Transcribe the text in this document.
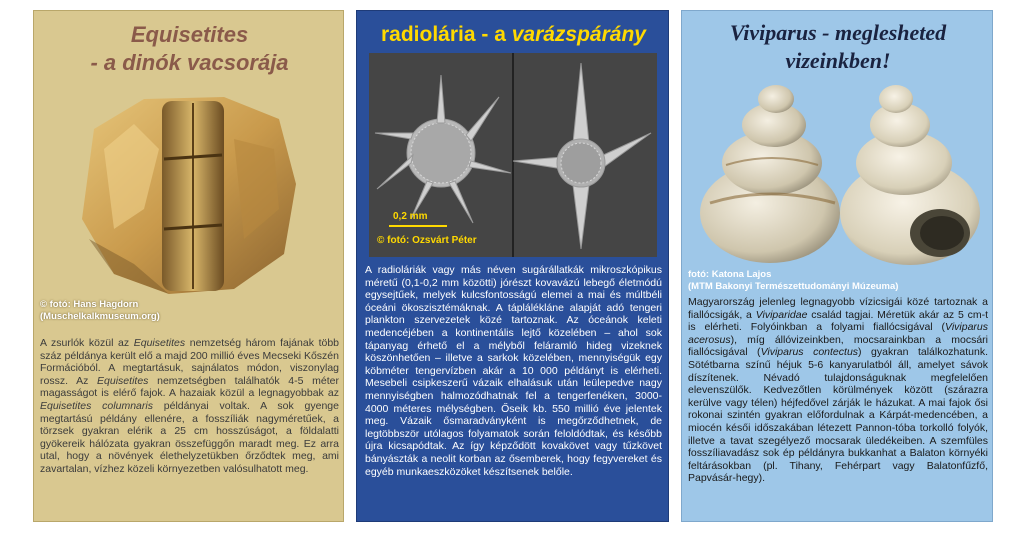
Equisetites
- a dinók vacsorája
© fotó: Hans Hagdorn
(Muschelkalkmuseum.org)
A zsurlók közül az Equisetites nemzetség három fajának több száz példánya került elő a majd 200 millió éves Mecseki Kőszén Formációból. A megtartásuk, sajnálatos módon, viszonylag rossz. Az Equisetites nemzetségben találhatók 4-5 méter magasságot is elérő fajok. A hazaiak közül a legnagyobbak az Equisetites columnaris példányai voltak. A sok gyenge megtartású példány ellenére, a fosszíliák nagyméretűek, a törzsek gyakran elérik a 25 cm hosszúságot, a földalatti gyökereik hálózata gyakran összefüggőn maradt meg. Ez arra utal, hogy a növények élethelyzetükben őrződtek meg, ami zavartalan, vízhez közeli környezetben valósulhatott meg.
radiolária - a varázspárány
0,2 mm
© fotó: Ozsvárt Péter
A radioláriák vagy más néven sugárállatkák mikroszkópikus méretű (0,1-0,2 mm közötti) jórészt kovavázú lebegő életmódú egysejtűek, melyek kulcsfontosságú elemei a mai és múltbéli óceáni ökoszisztémáknak. A táplálékláne alapját adó tengeri plankton szervezetek közé tartoznak. Az óceánok keleti medencéjében a kontinentális lejtő közelében – ahol sok tápanyag érhető el a mélyből feláramló hideg vizeknek köszönhetően – illetve a sarkok közelében, mennyiségük egy köbméter tengervízben akár a 10 000 példányt is elérheti. Mesebeli csipkeszerű vázaik elhalásuk után leülepedve nagy mennyiségben halmozódhatnak fel a tengerfenéken, 3000-4000 méteres mélységben. Őseik kb. 550 millió éve jelentek meg. Vázaik ősmaradványként is megőrződhetnek, de legtöbbször utólagos folyamatok során feloldódtak, és később újra kicsapódtak. Az így képződött kovakövet vagy tűzkövet bányászták a neolit korban az ősemberek, hogy fegyvereket és egyéb munkaeszközöket készítsenek belőle.
Viviparus - meglesheted
vizeinkben!
fotó: Katona Lajos
(MTM Bakonyi Természettudományi Múzeuma)
Magyarország jelenleg legnagyobb vízicsigái közé tartoznak a fiallócsigák, a Viviparidae család tagjai. Méretük akár az 5 cm-t is elérheti. Folyóinkban a folyami fiallócsigával (Viviparus acerosus), míg állóvizeinkben, mocsarainkban a mocsári fiallócsigával (Viviparus contectus) gyakran találkozhatunk. Sötétbarna színű héjuk 5-6 kanyarulatból áll, amelyet sávok díszítenek. Névadó tulajdonságuknak megfelelően elevenszülők. Kedvezőtlen körülmények között (szárazra kerülve vagy télen) héjfedővel zárják le házukat. A mai fajok ősi rokonai szintén gyakran előfordulnak a Kárpát-medencében, a miocén késői időszakában létezett Pannon-tóba torkolló folyók, illetve a tavat szegélyező mocsarak üledékeiben. A szemfüles fosszíliavadász sok ép példányra bukkanhat a Balaton környéki feltárásokban (pl. Tihany, Fehérpart vagy Balatonfűzfő, Papvásár-hegy).
